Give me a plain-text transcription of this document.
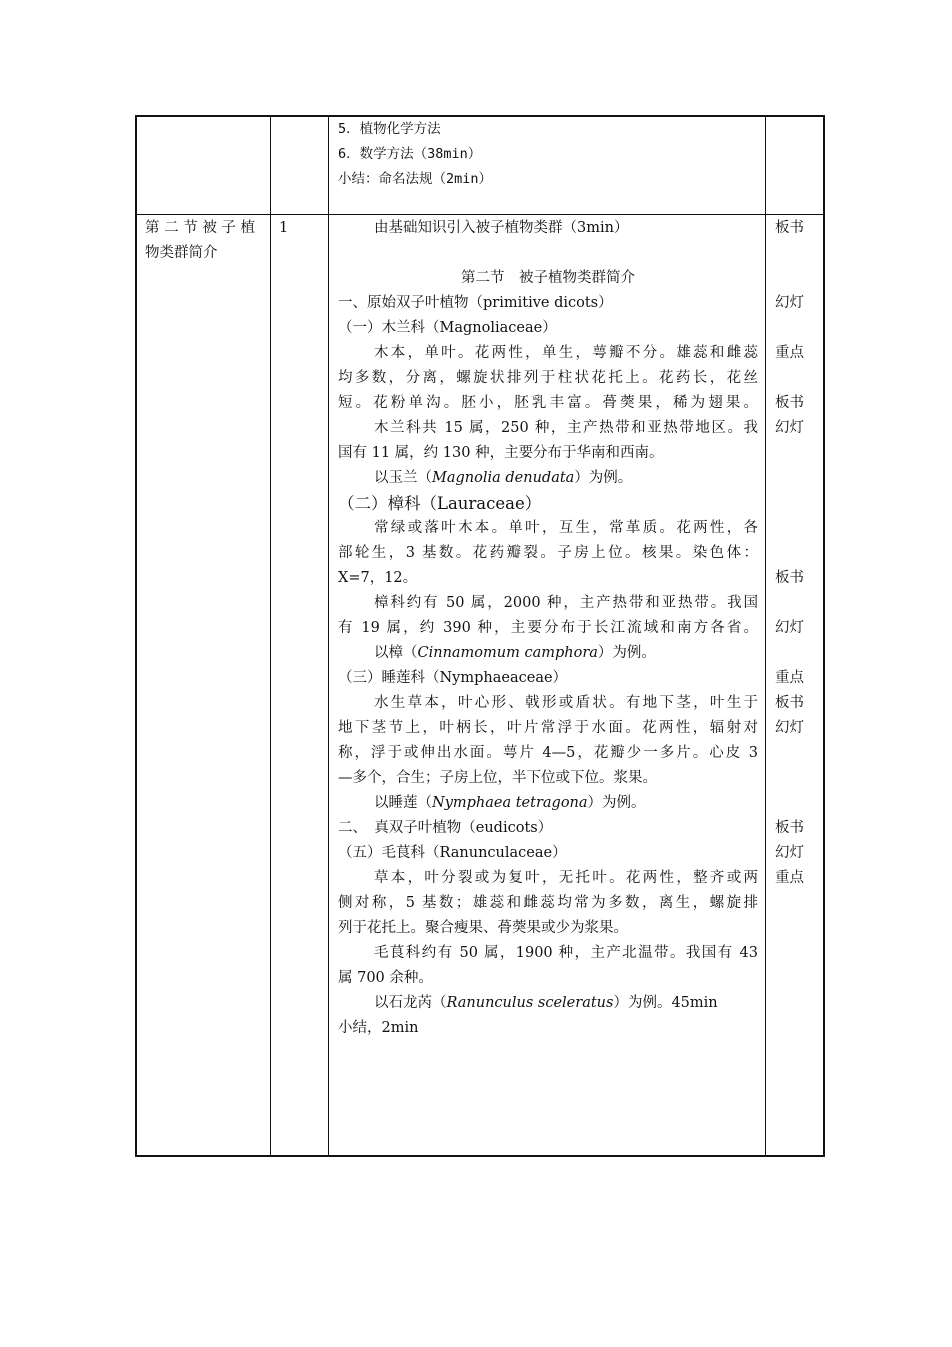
5．植物化学方法
6．数学方法（38min）
小结：命名法规（2min）
第 二 节 被 子 植 物类群简介
1	由基础知识引入被子植物类群（3min）
第二节　被子植物类群简介
一、原始双子叶植物（primitive dicots）
（一）木兰科（Magnoliaceae）
木本，单叶。花两性，单生，萼瓣不分。雄蕊和雌蕊
均多数，分离，螺旋状排列于柱状花托上。花药长，花丝
短。花粉单沟。胚小，胚乳丰富。蓇葖果，稀为翅果。
木兰科共 15 属，250 种，主产热带和亚热带地区。我
国有 11 属，约 130 种，主要分布于华南和西南。
以玉兰（Magnolia denudata）为例。
（二）樟科（Lauraceae）
常绿或落叶木本。单叶，互生，常革质。花两性，各
部轮生，3 基数。花药瓣裂。子房上位。核果。染色体：
X=7，12。
樟科约有 50 属，2000 种，主产热带和亚热带。我国
有 19 属，约 390 种，主要分布于长江流域和南方各省。
以樟（Cinnamomum camphora）为例。
（三）睡莲科（Nymphaeaceae）
水生草本，叶心形、戟形或盾状。有地下茎，叶生于
地下茎节上，叶柄长，叶片常浮于水面。花两性，辐射对
称，浮于或伸出水面。萼片 4—5，花瓣少一多片。心皮 3
—多个，合生；子房上位，半下位或下位。浆果。
以睡莲（Nymphaea tetragona）为例。
二、　真双子叶植物（eudicots）
（五）毛茛科（Ranunculaceae）
草本，叶分裂或为复叶，无托叶。花两性，整齐或两
侧对称，5 基数；雄蕊和雌蕊均常为多数，离生，螺旋排
列于花托上。聚合瘦果、蓇葖果或少为浆果。
毛茛科约有 50 属，1900 种，主产北温带。我国有 43
属 700 余种。
以石龙芮（Ranunculus sceleratus）为例。45min
小结，2min
板书
幻灯
重点
板书
幻灯
板书
幻灯
重点
板书
幻灯
板书
幻灯
重点
